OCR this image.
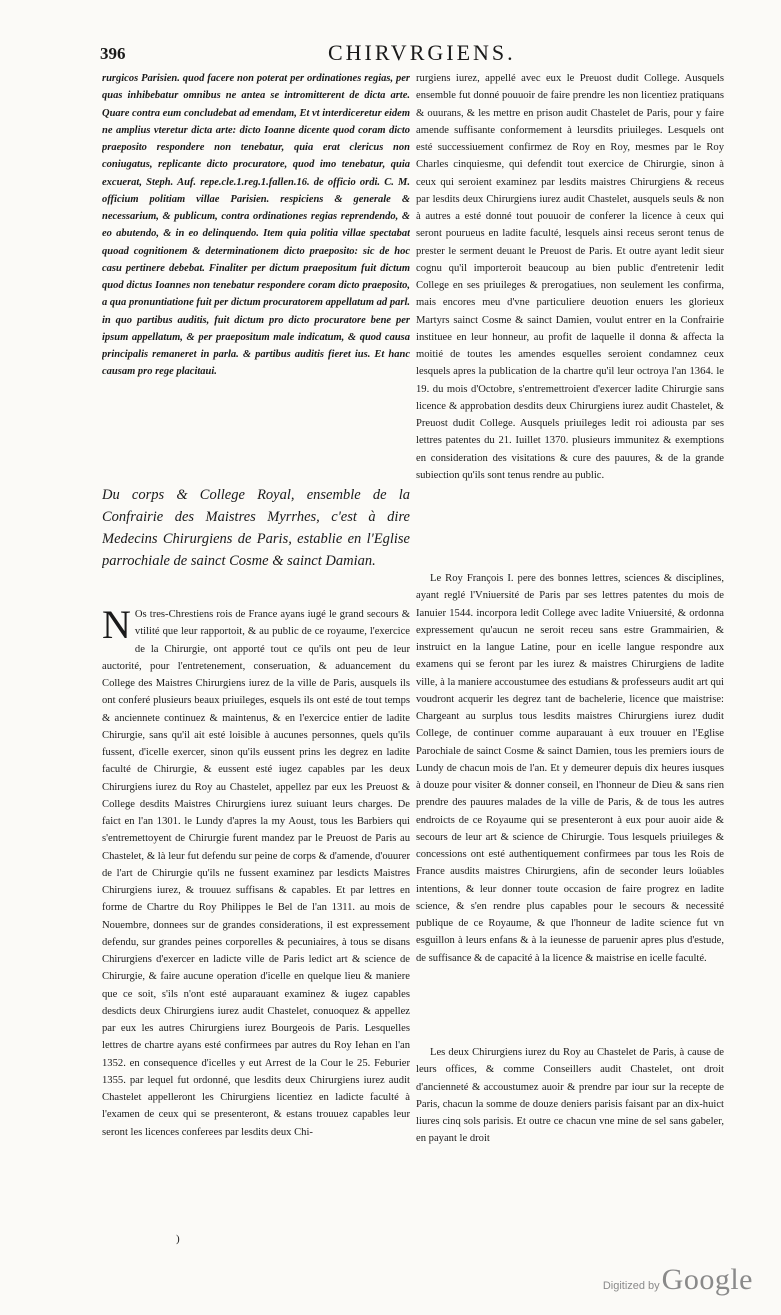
396	CHIRVRGIENS.
rurgicos Parisien. quod facere non poterat per ordinationes regias, per quas inhibebatur omnibus ne antea se intromitterent de dicta arte. Quare contra eum concludebat ad emendam, Et vt interdiceretur eidem ne amplius vteretur dicta arte: dicto Ioanne dicente quod coram dicto praeposito respondere non tenebatur, quia erat clericus non coniugatus, replicante dicto procuratore, quod imo tenebatur, quia excuerat, Steph. Auf. repe.cle.1.reg.1.fallen.16. de officio ordi. C. M. officium politiam villae Parisien. respiciens & generale & necessarium, & publicum, contra ordinationes regias reprendendo, & eo abutendo, & in eo delinquendo. Item quia politia villae spectabat quoad cognitionem & determinationem dicto praeposito: sic de hoc casu pertinere debebat. Finaliter per dictum praepositum fuit dictum quod dictus Ioannes non tenebatur respondere coram dicto praeposito, a qua pronuntiatione fuit per dictum procuratorem appellatum ad parl. in quo partibus auditis, fuit dictum pro dicto procuratore bene per ipsum appellatum, & per praepositum male indicatum, & quod causa principalis remaneret in parla. & partibus auditis fieret ius. Et hanc causam pro rege placitaui.
Du corps & College Royal, ensemble de la Confrairie des Maistres Myrrhes, c'est à dire Medecins Chirurgiens de Paris, establie en l'Eglise parrochiale de sainct Cosme & sainct Damian.
N Os tres-Chrestiens rois de France ayans iugé le grand secours & vtilité que leur rapportoit, & au public de ce royaume, l'exercice de la Chirurgie, ont apporté tout ce qu'ils ont peu de leur auctorité, pour l'entretenement, conseruation, & aduancement du College des Maistres Chirurgiens iurez de la ville de Paris, ausquels ils ont conferé plusieurs beaux priuileges, esquels ils ont esté de tout temps & anciennete continuez & maintenus, & en l'exercice entier de ladite Chirurgie, sans qu'il ait esté loisible à aucunes personnes, quels qu'ils fussent, d'icelle exercer, sinon qu'ils eussent prins les degrez en ladite faculté de Chirurgie, & eussent esté iugez capables par les deux Chirurgiens iurez du Roy au Chastelet, appellez par eux les Preuost & College desdits Maistres Chirurgiens iurez suiuant leurs charges. De faict en l'an 1301. le Lundy d'apres la my Aoust, tous les Barbiers qui s'entremettoyent de Chirurgie furent mandez par le Preuost de Paris au Chastelet, & là leur fut defendu sur peine de corps & d'amende, d'ouurer de l'art de Chirurgie qu'ils ne fussent examinez par lesdicts Maistres Chirurgiens iurez, & trouuez suffisans & capables. Et par lettres en forme de Chartre du Roy Philippes le Bel de l'an 1311. au mois de Nouembre, donnees sur de grandes considerations, il est expressement defendu, sur grandes peines corporelles & pecuniaires, à tous se disans Chirurgiens d'exercer en ladicte ville de Paris ledict art & science de Chirurgie, & faire aucune operation d'icelle en quelque lieu & maniere que ce soit, s'ils n'ont esté auparauant examinez & iugez capables desdicts deux Chirurgiens iurez audit Chastelet, conuoquez & appellez par eux les autres Chirurgiens iurez Bourgeois de Paris. Lesquelles lettres de chartre ayans esté confirmees par autres du Roy Iehan en l'an 1352. en consequence d'icelles y eut Arrest de la Cour le 25. Feburier 1355. par lequel fut ordonné, que lesdits deux Chirurgiens iurez audit Chastelet appelleront les Chirurgiens licentiez en ladicte faculté à l'examen de ceux qui se presenteront, & estans trouuez capables leur seront les licences conferees par lesdits deux Chi-

rurgiens iurez, appellé avec eux le Preuost dudit College. Ausquels ensemble fut donné pouuoir de faire prendre les non licentiez pratiquans & ouurans, & les mettre en prison audit Chastelet de Paris, pour y faire amende suffisante conformement à leursdits priuileges. Lesquels ont esté successiuement confirmez de Roy en Roy, mesmes par le Roy Charles cinquiesme, qui defendit tout exercice de Chirurgie, sinon à ceux qui seroient examinez par lesdits maistres Chirurgiens & receus par lesdits deux Chirurgiens iurez audit Chastelet, ausquels seuls & non à autres a esté donné tout pouuoir de conferer la licence à ceux qui seront pourueus en ladite faculté, lesquels ainsi receus seront tenus de prester le serment deuant le Preuost de Paris. Et outre ayant ledit sieur cognu qu'il importeroit beaucoup au bien public d'entretenir ledit College en ses priuileges & prerogatiues, non seulement les confirma, mais encores meu d'vne particuliere deuotion enuers les glorieux Martyrs sainct Cosme & sainct Damien, voulut entrer en la Confrairie instituee en leur honneur, au profit de laquelle il donna & affecta la moitié de toutes les amendes esquelles seroient condamnez ceux lesquels apres la publication de la chartre qu'il leur octroya l'an 1364. le 19. du mois d'Octobre, s'entremettroient d'exercer ladite Chirurgie sans licence & approbation desdits deux Chirurgiens iurez audit Chastelet, & Preuost dudit College. Ausquels priuileges ledit roi adiousta par ses lettres patentes du 21. Iuillet 1370. plusieurs immunitez & exemptions en consideration des visitations & cure des pauures, & de la grande subiection qu'ils sont tenus rendre au public.

Le Roy François I. pere des bonnes lettres, sciences & disciplines, ayant reglé l'Vniuersité de Paris par ses lettres patentes du mois de Ianuier 1544. incorpora ledit College avec ladite Vniuersité, & ordonna expressement qu'aucun ne seroit receu sans estre Grammairien, & instruict en la langue Latine, pour en icelle langue respondre aux examens qui se feront par les iurez & maistres Chirurgiens de ladite ville, à la maniere accoustumee des estudians & professeurs audit art qui voudront acquerir les degrez tant de bachelerie, licence que maistrise: Chargeant au surplus tous lesdits maistres Chirurgiens iurez dudit College, de continuer comme auparauant à eux trouuer en l'Eglise Parochiale de sainct Cosme & sainct Damien, tous les premiers iours de Lundy de chacun mois de l'an. Et y demeurer depuis dix heures iusques à douze pour visiter & donner conseil, en l'honneur de Dieu & sans rien prendre des pauures malades de la ville de Paris, & de tous les autres endroicts de ce Royaume qui se presenteront à eux pour auoir aide & secours de leur art & science de Chirurgie. Tous lesquels priuileges & concessions ont esté authentiquement confirmees par tous les Rois de France ausdits maistres Chirurgiens, afin de seconder leurs loüables intentions, & leur donner toute occasion de faire progrez en ladite science, & s'en rendre plus capables pour le secours & necessité publique de ce Royaume, & que l'honneur de ladite science fut vn esguillon à leurs enfans & à la ieunesse de paruenir apres plus d'estude, de suffisance & de capacité à la licence & maistrise en icelle faculté.

Les deux Chirurgiens iurez du Roy au Chastelet de Paris, à cause de leurs offices, & comme Conseillers audit Chastelet, ont droit d'ancienneté & accoustumez auoir & prendre par iour sur la recepte de Paris, chacun la somme de douze deniers parisis faisant par an dix-huict liures cinq sols parisis. Et outre ce chacun vne mine de sel sans gabeler, en payant le droit

)
Digitized by Google
